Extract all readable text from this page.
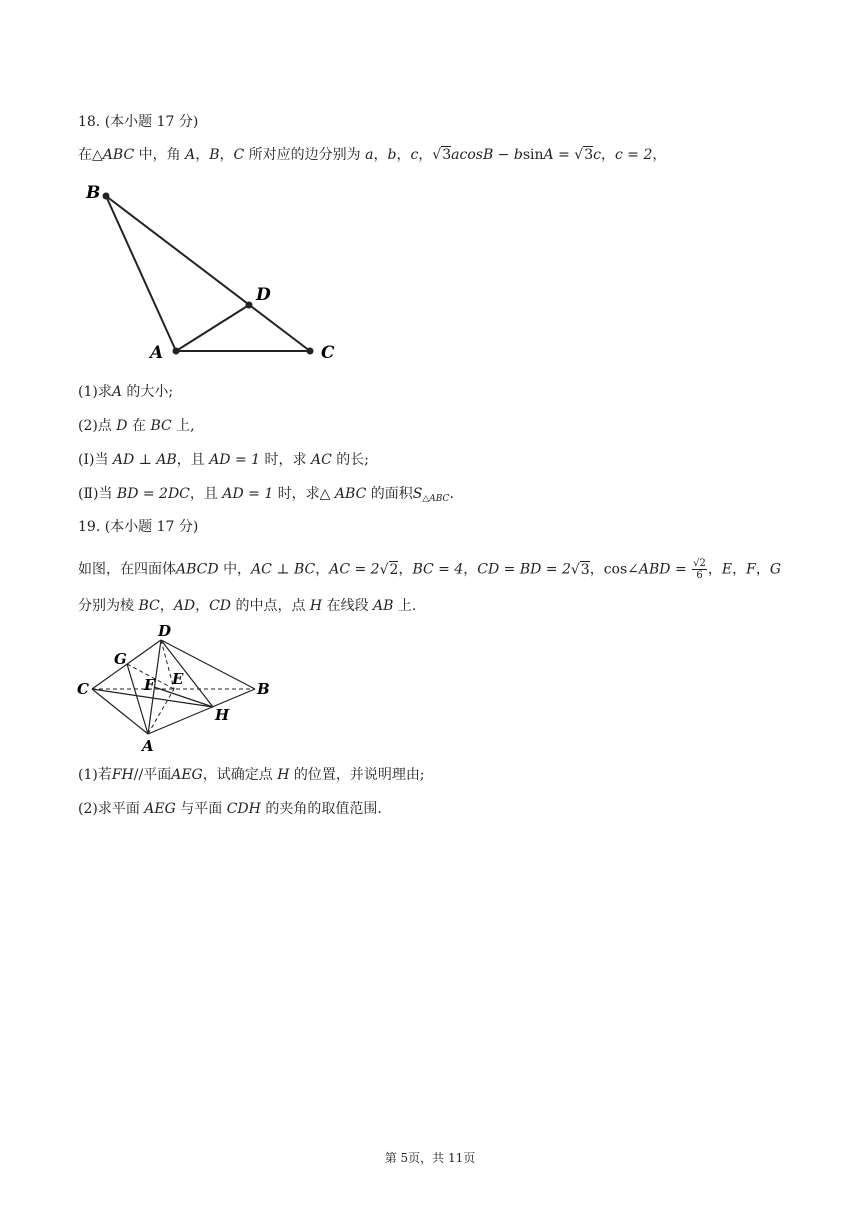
18. (本小题 17 分)
在△ABC 中，角 A，B，C 所对应的边分别为 a，b，c，√3acosB − bsinA = √3c，c = 2，
B
D
A	C
(1)求A 的大小;
(2)点 D 在 BC 上,
(Ⅰ)当 AD ⊥ AB，且 AD = 1 时，求 AC 的长;
(Ⅱ)当 BD = 2DC，且 AD = 1 时，求△ ABC 的面积$S_{\triangle ABC}$.
19. (本小题 17 分)
如图，在四面体ABCD 中，AC ⊥ BC，AC = 2√2，BC = 4，CD = BD = 2√3，cos∠ABD = $\frac{√2}{6}$ ，E，F，G
分别为棱 BC，AD，CD 的中点，点 H 在线段 AB 上.
D
G
C	F E
B
H
A
(1)若FH//平面AEG，试确定点 H 的位置，并说明理由;
(2)求平面 AEG 与平面 CDH 的夹角的取值范围.
第 5页，共 11页
